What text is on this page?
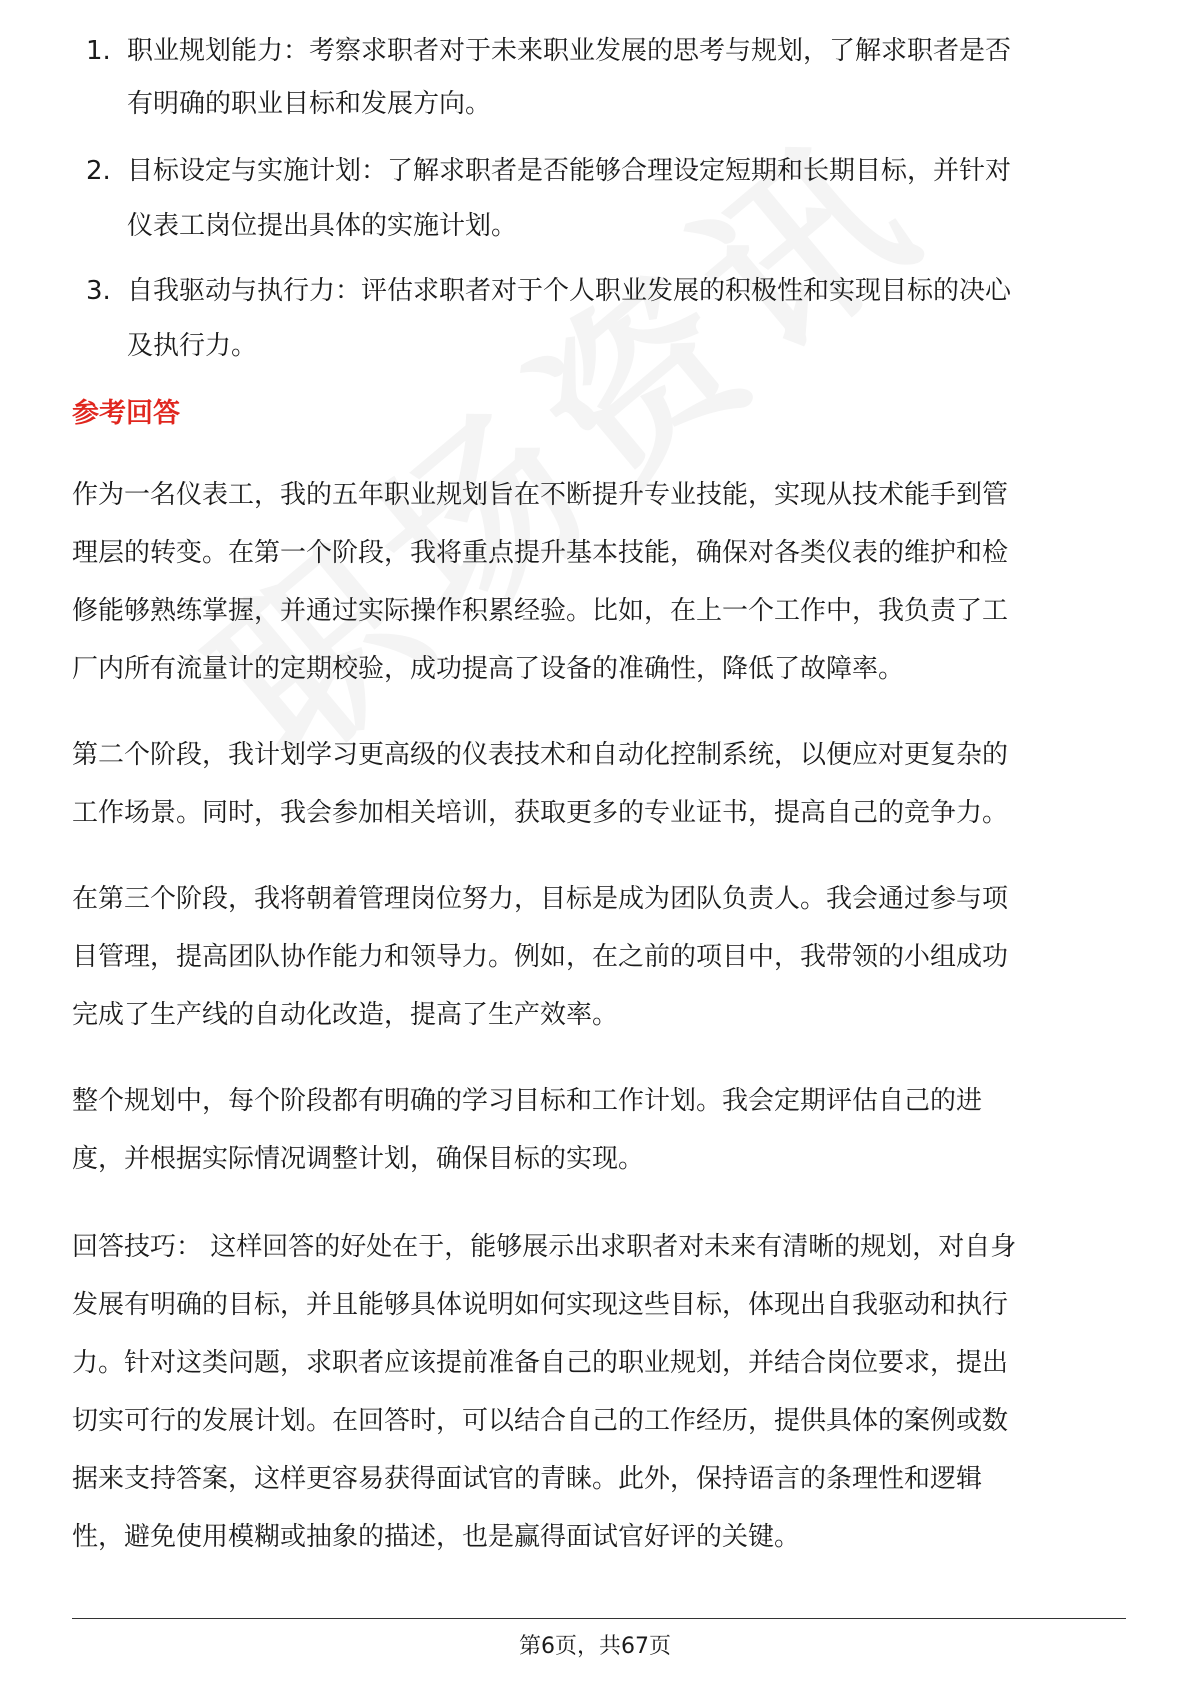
1. 职业规划能力：考察求职者对于未来职业发展的思考与规划，了解求职者是否
有明确的职业目标和发展方向。
2. 目标设定与实施计划：了解求职者是否能够合理设定短期和长期目标，并针对
仪表工岗位提出具体的实施计划。
3. 自我驱动与执行力：评估求职者对于个人职业发展的积极性和实现目标的决心
及执行力。
参考回答
作为一名仪表工，我的五年职业规划旨在不断提升专业技能，实现从技术能手到管
理层的转变。在第一个阶段，我将重点提升基本技能，确保对各类仪表的维护和检
修能够熟练掌握，并通过实际操作积累经验。比如，在上一个工作中，我负责了工
厂内所有流量计的定期校验，成功提高了设备的准确性，降低了故障率。
第二个阶段，我计划学习更高级的仪表技术和自动化控制系统，以便应对更复杂的
工作场景。同时，我会参加相关培训，获取更多的专业证书，提高自己的竞争力。
在第三个阶段，我将朝着管理岗位努力，目标是成为团队负责人。我会通过参与项
目管理，提高团队协作能力和领导力。例如，在之前的项目中，我带领的小组成功
完成了生产线的自动化改造，提高了生产效率。
整个规划中，每个阶段都有明确的学习目标和工作计划。我会定期评估自己的进
度，并根据实际情况调整计划，确保目标的实现。
回答技巧： 这样回答的好处在于，能够展示出求职者对未来有清晰的规划，对自身
发展有明确的目标，并且能够具体说明如何实现这些目标，体现出自我驱动和执行
力。针对这类问题，求职者应该提前准备自己的职业规划，并结合岗位要求，提出
切实可行的发展计划。在回答时，可以结合自己的工作经历，提供具体的案例或数
据来支持答案，这样更容易获得面试官的青睐。此外，保持语言的条理性和逻辑
性，避免使用模糊或抽象的描述，也是赢得面试官好评的关键。
第6页，共67页
